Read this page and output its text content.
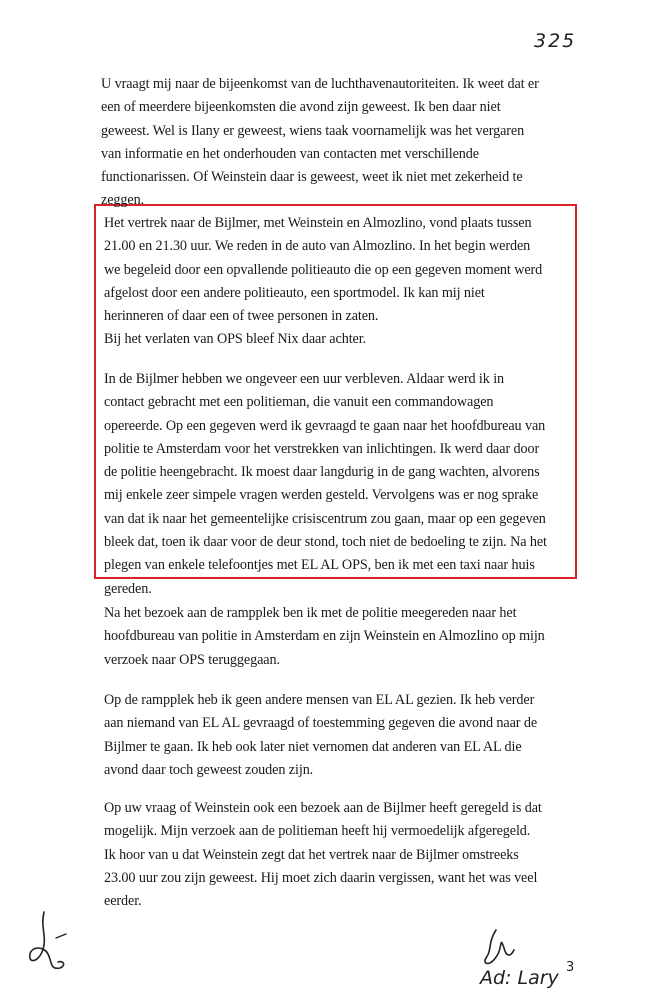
325

U vraagt mij naar de bijeenkomst van de luchthavenautoriteiten. Ik weet dat er
een of meerdere bijeenkomsten die avond zijn geweest. Ik ben daar niet
geweest. Wel is Ilany er geweest, wiens taak voornamelijk was het vergaren
van informatie en het onderhouden van contacten met verschillende
functionarissen. Of Weinstein daar is geweest, weet ik niet met zekerheid te
zeggen.

Het vertrek naar de Bijlmer, met Weinstein en Almozlino, vond plaats tussen
21.00 en 21.30 uur. We reden in de auto van Almozlino. In het begin werden
we begeleid door een opvallende politieauto die op een gegeven moment werd
afgelost door een andere politieauto, een sportmodel. Ik kan mij niet
herinneren of daar een of twee personen in zaten.
Bij het verlaten van OPS bleef Nix daar achter.

In de Bijlmer hebben we ongeveer een uur verbleven. Aldaar werd ik in
contact gebracht met een politieman, die vanuit een commandowagen
opereerde. Op een gegeven werd ik gevraagd te gaan naar het hoofdbureau van
politie te Amsterdam voor het verstrekken van inlichtingen. Ik werd daar door
de politie heengebracht. Ik moest daar langdurig in de gang wachten, alvorens
mij enkele zeer simpele vragen werden gesteld. Vervolgens was er nog sprake
van dat ik naar het gemeentelijke crisiscentrum zou gaan, maar op een gegeven
bleek dat, toen ik daar voor de deur stond, toch niet de bedoeling te zijn. Na het
plegen van enkele telefoontjes met EL AL OPS, ben ik met een taxi naar huis
gereden.

Na het bezoek aan de rampplek ben ik met de politie meegereden naar het
hoofdbureau van politie in Amsterdam en zijn Weinstein en Almozlino op mijn
verzoek naar OPS teruggegaan.

Op de rampplek heb ik geen andere mensen van EL AL gezien. Ik heb verder
aan niemand van EL AL gevraagd of toestemming gegeven die avond naar de
Bijlmer te gaan. Ik heb ook later niet vernomen dat anderen van EL AL die
avond daar toch geweest zouden zijn.

Op uw vraag of Weinstein ook een bezoek aan de Bijlmer heeft geregeld is dat
mogelijk. Mijn verzoek aan de politieman heeft hij vermoedelijk afgeregeld.
Ik hoor van u dat Weinstein zegt dat het vertrek naar de Bijlmer omstreeks
23.00 uur zou zijn geweest. Hij moet zich daarin vergissen, want het was veel
eerder.

Ad: Lary 3
